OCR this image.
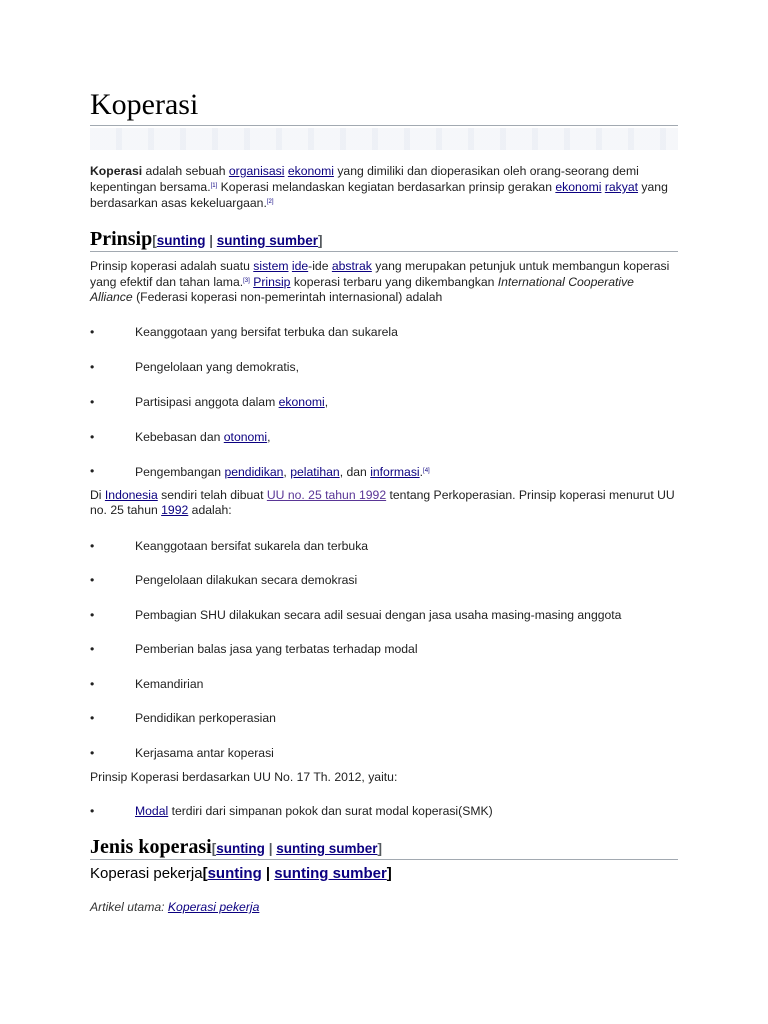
Koperasi

Koperasi adalah sebuah organisasi ekonomi yang dimiliki dan dioperasikan oleh orang-seorang demi kepentingan bersama.[1] Koperasi melandaskan kegiatan berdasarkan prinsip gerakan ekonomi rakyat yang berdasarkan asas kekeluargaan.[2]

Prinsip[sunting | sunting sumber]

Prinsip koperasi adalah suatu sistem ide-ide abstrak yang merupakan petunjuk untuk membangun koperasi yang efektif dan tahan lama.[3] Prinsip koperasi terbaru yang dikembangkan International Cooperative Alliance (Federasi koperasi non-pemerintah internasional) adalah

•	Keanggotaan yang bersifat terbuka dan sukarela
•	Pengelolaan yang demokratis,
•	Partisipasi anggota dalam ekonomi,
•	Kebebasan dan otonomi,
•	Pengembangan pendidikan, pelatihan, dan informasi.[4]

Di Indonesia sendiri telah dibuat UU no. 25 tahun 1992 tentang Perkoperasian. Prinsip koperasi menurut UU no. 25 tahun 1992 adalah:

•	Keanggotaan bersifat sukarela dan terbuka
•	Pengelolaan dilakukan secara demokrasi
•	Pembagian SHU dilakukan secara adil sesuai dengan jasa usaha masing-masing anggota
•	Pemberian balas jasa yang terbatas terhadap modal
•	Kemandirian
•	Pendidikan perkoperasian
•	Kerjasama antar koperasi

Prinsip Koperasi berdasarkan UU No. 17 Th. 2012, yaitu:

•	Modal terdiri dari simpanan pokok dan surat modal koperasi(SMK)
Jenis koperasi[sunting | sunting sumber]
Koperasi pekerja[sunting | sunting sumber]
Artikel utama: Koperasi pekerja
